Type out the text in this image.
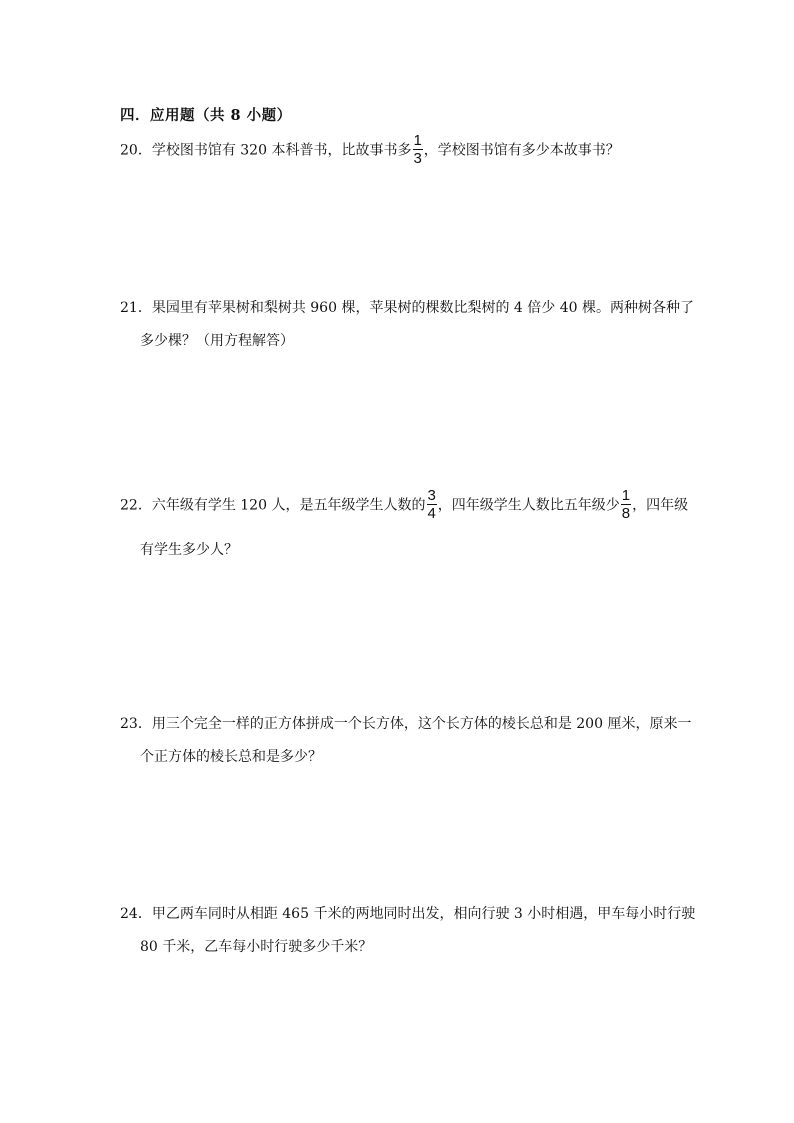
四．应用题（共 8 小题）
20．学校图书馆有 320 本科普书，比故事书多 $\frac{1}{3}$ ，学校图书馆有多少本故事书？
21．果园里有苹果树和梨树共 960 棵，苹果树的棵数比梨树的 4 倍少 40 棵。两种树各种了
多少棵？（用方程解答）
22．六年级有学生 120 人，是五年级学生人数的 $\frac{3}{4}$ ，四年级学生人数比五年级少 $\frac{1}{8}$ ，四年级
有学生多少人？
23．用三个完全一样的正方体拼成一个长方体，这个长方体的棱长总和是 200 厘米，原来一
个正方体的棱长总和是多少？
24．甲乙两车同时从相距 465 千米的两地同时出发，相向行驶 3 小时相遇，甲车每小时行驶
80 千米，乙车每小时行驶多少千米？
